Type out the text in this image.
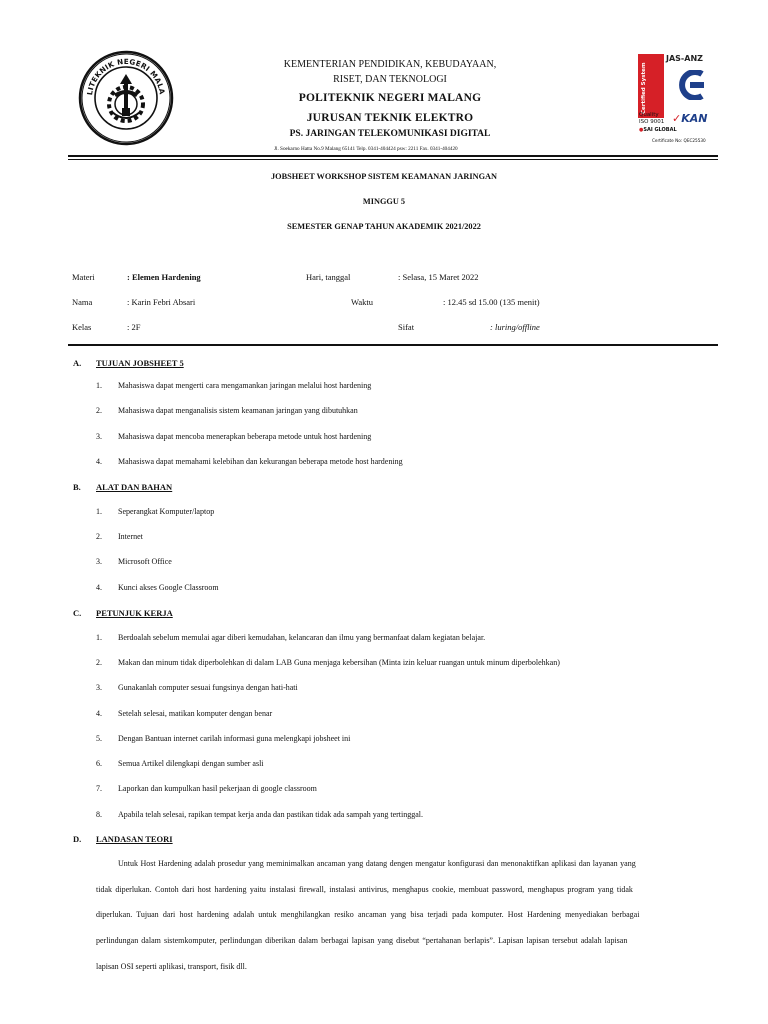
LITEKNIK NEGERI MALA
KEMENTERIAN PENDIDIKAN, KEBUDAYAAN,
RISET, DAN TEKNOLOGI
POLITEKNIK NEGERI MALANG
JURUSAN TEKNIK ELEKTRO
PS. JARINGAN TELEKOMUNIKASI DIGITAL
Jl. Soekarno Hatta No.9 Malang 65141 Telp. 0341-404424 psw: 2211 Fax. 0341-404420
Certified System
JAS-ANZ
Quality
ISO 9001 ✓KAN
●SAI GLOBAL
Certificate No: QEC25530
JOBSHEET WORKSHOP SISTEM KEAMANAN JARINGAN
MINGGU 5
SEMESTER GENAP TAHUN AKADEMIK 2021/2022
Materi	: Elemen Hardening	Hari, tanggal	: Selasa, 15 Maret 2022
Nama	: Karin Febri Absari	Waktu	: 12.45 sd 15.00 (135 menit)
Kelas	: 2F	Sifat	: luring/offline
A. TUJUAN JOBSHEET 5
1. Mahasiswa dapat mengerti cara mengamankan jaringan melalui host hardening
2. Mahasiswa dapat menganalisis sistem keamanan jaringan yang dibutuhkan
3. Mahasiswa dapat mencoba menerapkan beberapa metode untuk host hardening
4. Mahasiswa dapat memahami kelebihan dan kekurangan beberapa metode host hardening
B. ALAT DAN BAHAN
1. Seperangkat Komputer/laptop
2. Internet
3. Microsoft Office
4. Kunci akses Google Classroom
C. PETUNJUK KERJA
1. Berdoalah sebelum memulai agar diberi kemudahan, kelancaran dan ilmu yang bermanfaat dalam kegiatan belajar.
2. Makan dan minum tidak diperbolehkan di dalam LAB Guna menjaga kebersihan (Minta izin keluar ruangan untuk minum diperbolehkan)
3. Gunakanlah computer sesuai fungsinya dengan hati-hati
4. Setelah selesai, matikan komputer dengan benar
5. Dengan Bantuan internet carilah informasi guna melengkapi jobsheet ini
6. Semua Artikel dilengkapi dengan sumber asli
7. Laporkan dan kumpulkan hasil pekerjaan di google classroom
8. Apabila telah selesai, rapikan tempat kerja anda dan pastikan tidak ada sampah yang tertinggal.
D. LANDASAN TEORI
Untuk Host Hardening adalah prosedur yang meminimalkan ancaman yang datang dengen mengatur konfigurasi dan menonaktifkan aplikasi dan layanan yang
tidak diperlukan. Contoh dari host hardening yaitu instalasi firewall, instalasi antivirus, menghapus cookie, membuat password, menghapus program yang tidak
diperlukan. Tujuan dari host hardening adalah untuk menghilangkan resiko ancaman yang bisa terjadi pada komputer. Host Hardening menyediakan berbagai
perlindungan dalam sistemkomputer, perlindungan diberikan dalam berbagai lapisan yang disebut “pertahanan berlapis”. Lapisan lapisan tersebut adalah lapisan
lapisan OSI seperti aplikasi, transport, fisik dll.
